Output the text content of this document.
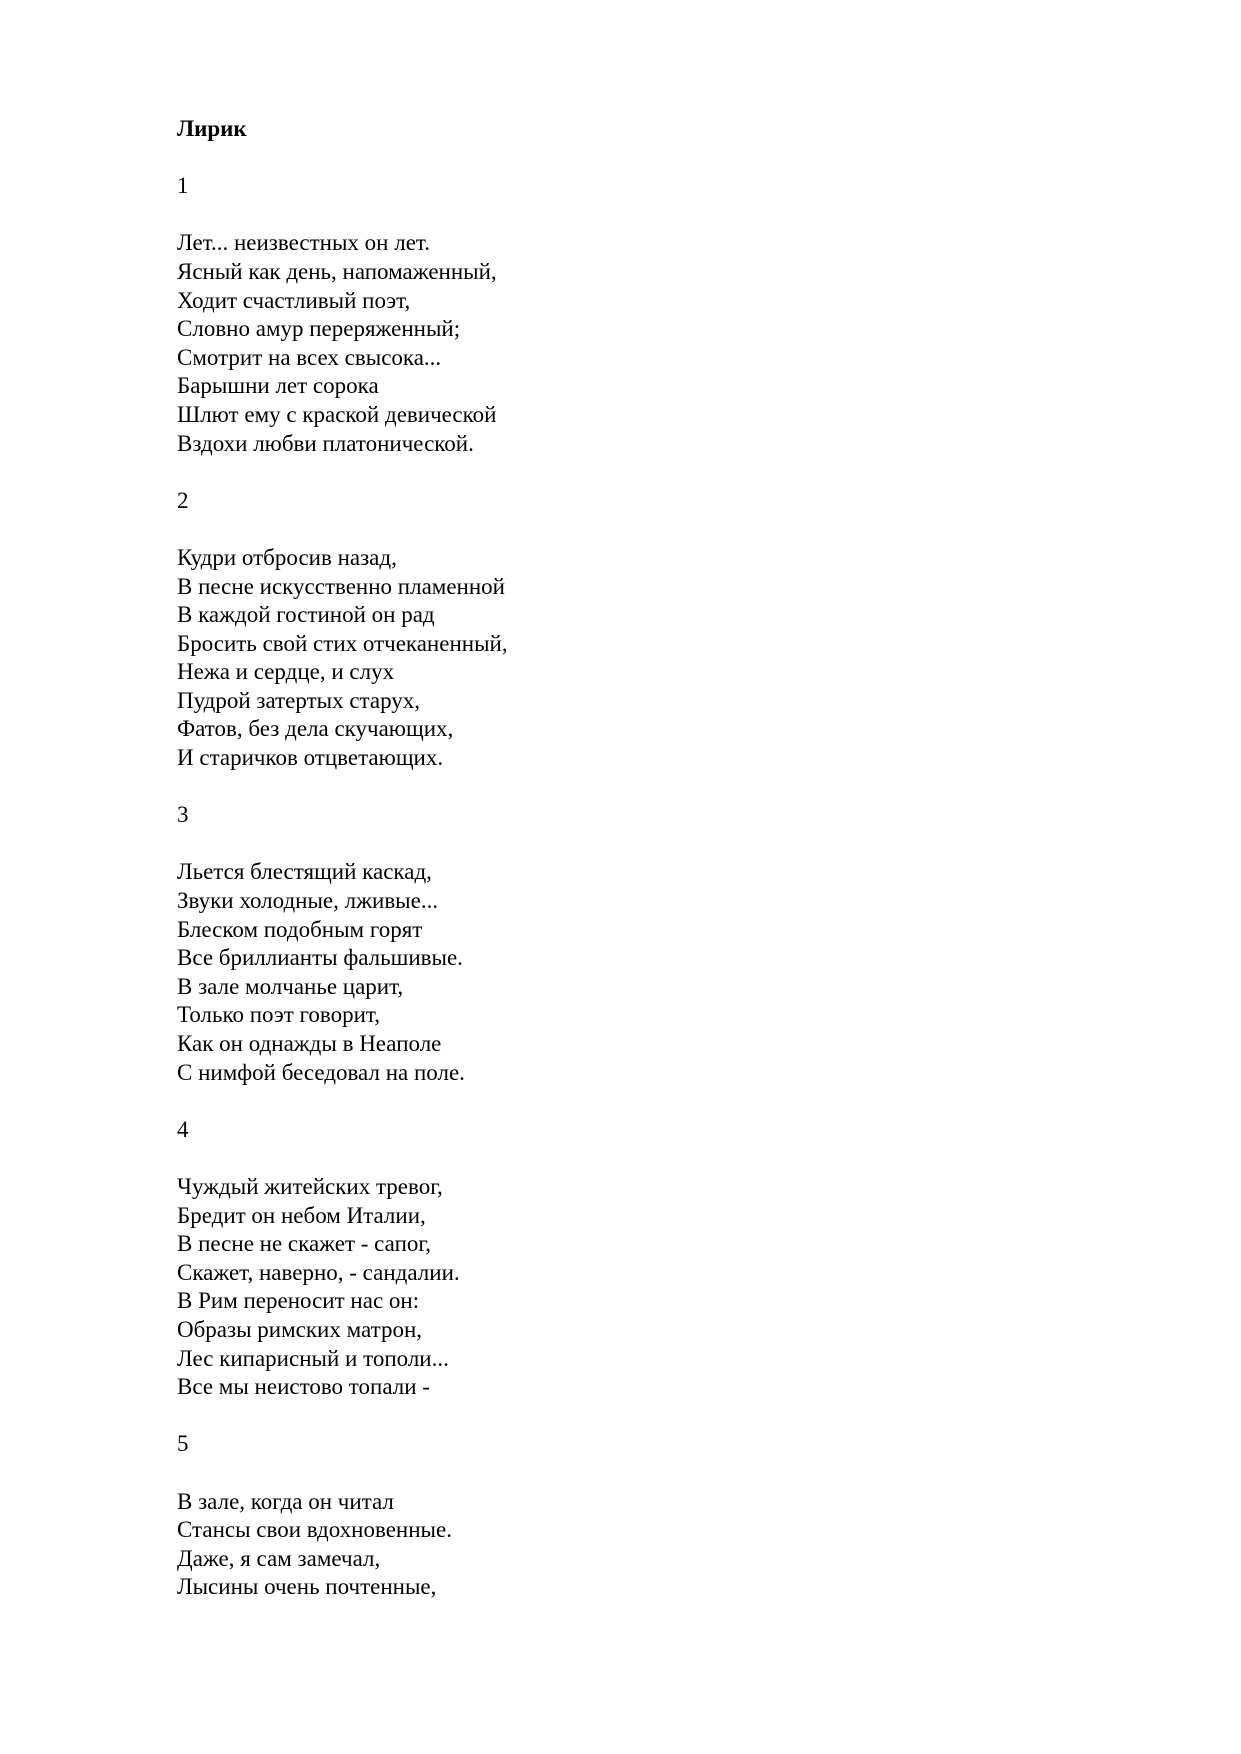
Лирик

1

Лет... неизвестных он лет.
Ясный как день, напомаженный,
Ходит счастливый поэт,
Словно амур переряженный;
Смотрит на всех свысока...
Барышни лет сорока
Шлют ему с краской девической
Вздохи любви платонической.

2

Кудри отбросив назад,
В песне искусственно пламенной
В каждой гостиной он рад
Бросить свой стих отчеканенный,
Нежа и сердце, и слух
Пудрой затертых старух,
Фатов, без дела скучающих,
И старичков отцветающих.

3

Льется блестящий каскад,
Звуки холодные, лживые...
Блеском подобным горят
Все бриллианты фальшивые.
В зале молчанье царит,
Только поэт говорит,
Как он однажды в Неаполе
С нимфой беседовал на поле.

4

Чуждый житейских тревог,
Бредит он небом Италии,
В песне не скажет - сапог,
Скажет, наверно, - сандалии.
В Рим переносит нас он:
Образы римских матрон,
Лес кипарисный и тополи...
Все мы неистово топали -

5

В зале, когда он читал
Стансы свои вдохновенные.
Даже, я сам замечал,
Лысины очень почтенные,
